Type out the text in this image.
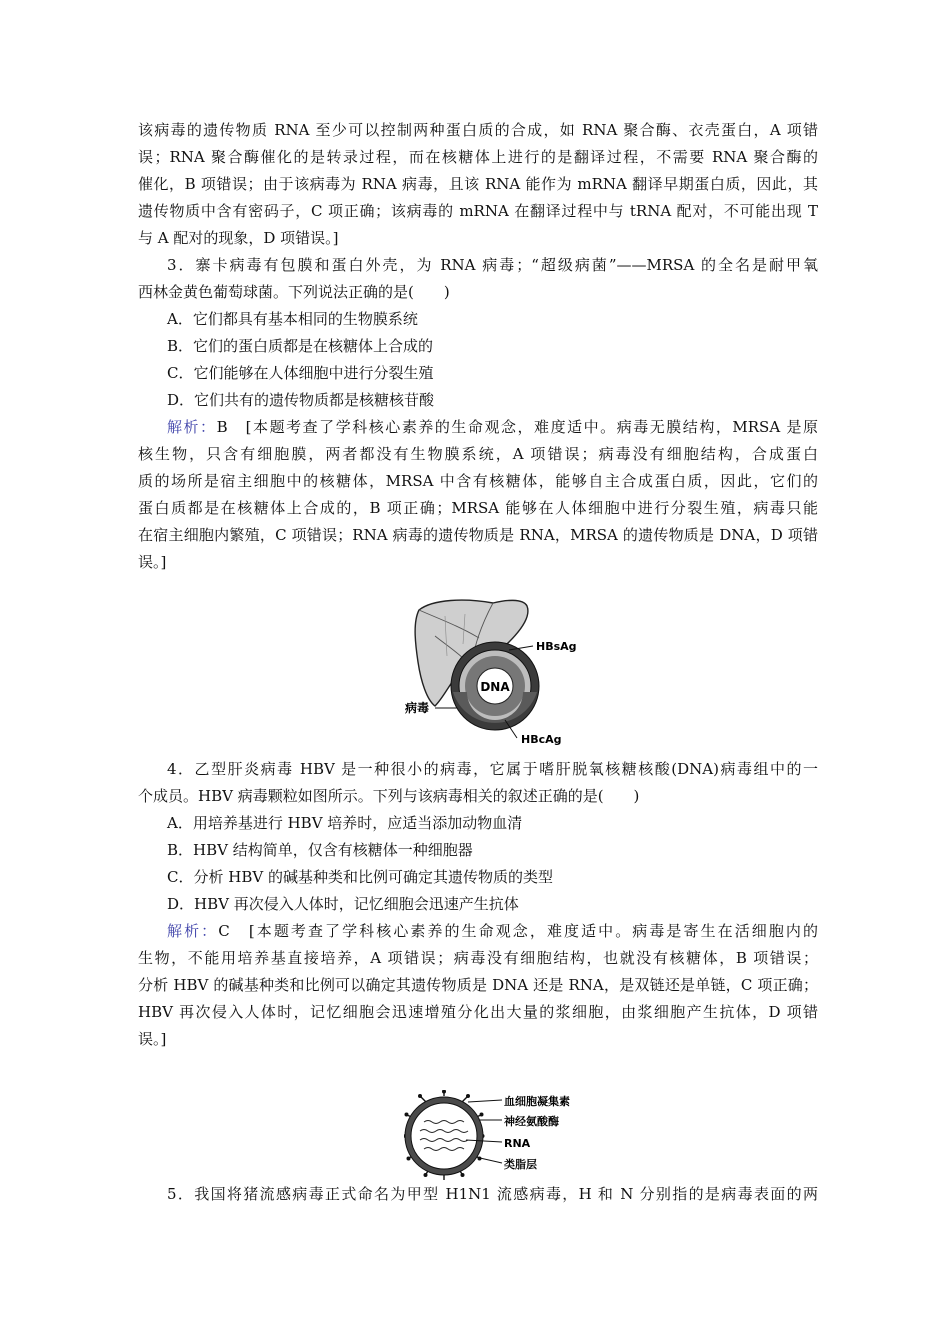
该病毒的遗传物质 RNA 至少可以控制两种蛋白质的合成，如 RNA 聚合酶、衣壳蛋白，A 项错
误；RNA 聚合酶催化的是转录过程，而在核糖体上进行的是翻译过程，不需要 RNA 聚合酶的
催化，B 项错误；由于该病毒为 RNA 病毒，且该 RNA 能作为 mRNA 翻译早期蛋白质，因此，其
遗传物质中含有密码子，C 项正确；该病毒的 mRNA 在翻译过程中与 tRNA 配对，不可能出现 T
与 A 配对的现象，D 项错误。]
3．寨卡病毒有包膜和蛋白外壳，为 RNA 病毒；“超级病菌”——MRSA 的全名是耐甲氧
西林金黄色葡萄球菌。下列说法正确的是(　　)
A．它们都具有基本相同的生物膜系统
B．它们的蛋白质都是在核糖体上合成的
C．它们能够在人体细胞中进行分裂生殖
D．它们共有的遗传物质都是核糖核苷酸
解析：B　[本题考查了学科核心素养的生命观念，难度适中。病毒无膜结构，MRSA 是原
核生物，只含有细胞膜，两者都没有生物膜系统，A 项错误；病毒没有细胞结构，合成蛋白
质的场所是宿主细胞中的核糖体，MRSA 中含有核糖体，能够自主合成蛋白质，因此，它们的
蛋白质都是在核糖体上合成的，B 项正确；MRSA 能够在人体细胞中进行分裂生殖，病毒只能
在宿主细胞内繁殖，C 项错误；RNA 病毒的遗传物质是 RNA，MRSA 的遗传物质是 DNA，D 项错
误。]
DNA
HBsAg
病毒
HBcAg
4．乙型肝炎病毒 HBV 是一种很小的病毒，它属于嗜肝脱氧核糖核酸(DNA)病毒组中的一
个成员。HBV 病毒颗粒如图所示。下列与该病毒相关的叙述正确的是(　　)
A．用培养基进行 HBV 培养时，应适当添加动物血清
B．HBV 结构简单，仅含有核糖体一种细胞器
C．分析 HBV 的碱基种类和比例可确定其遗传物质的类型
D．HBV 再次侵入人体时，记忆细胞会迅速产生抗体
解析：C　[本题考查了学科核心素养的生命观念，难度适中。病毒是寄生在活细胞内的
生物，不能用培养基直接培养，A 项错误；病毒没有细胞结构，也就没有核糖体，B 项错误；
分析 HBV 的碱基种类和比例可以确定其遗传物质是 DNA 还是 RNA，是双链还是单链，C 项正确；
HBV 再次侵入人体时，记忆细胞会迅速增殖分化出大量的浆细胞，由浆细胞产生抗体，D 项错
误。]
血细胞凝集素
神经氨酸酶
RNA
类脂层
5．我国将猪流感病毒正式命名为甲型 H1N1 流感病毒，H 和 N 分别指的是病毒表面的两
